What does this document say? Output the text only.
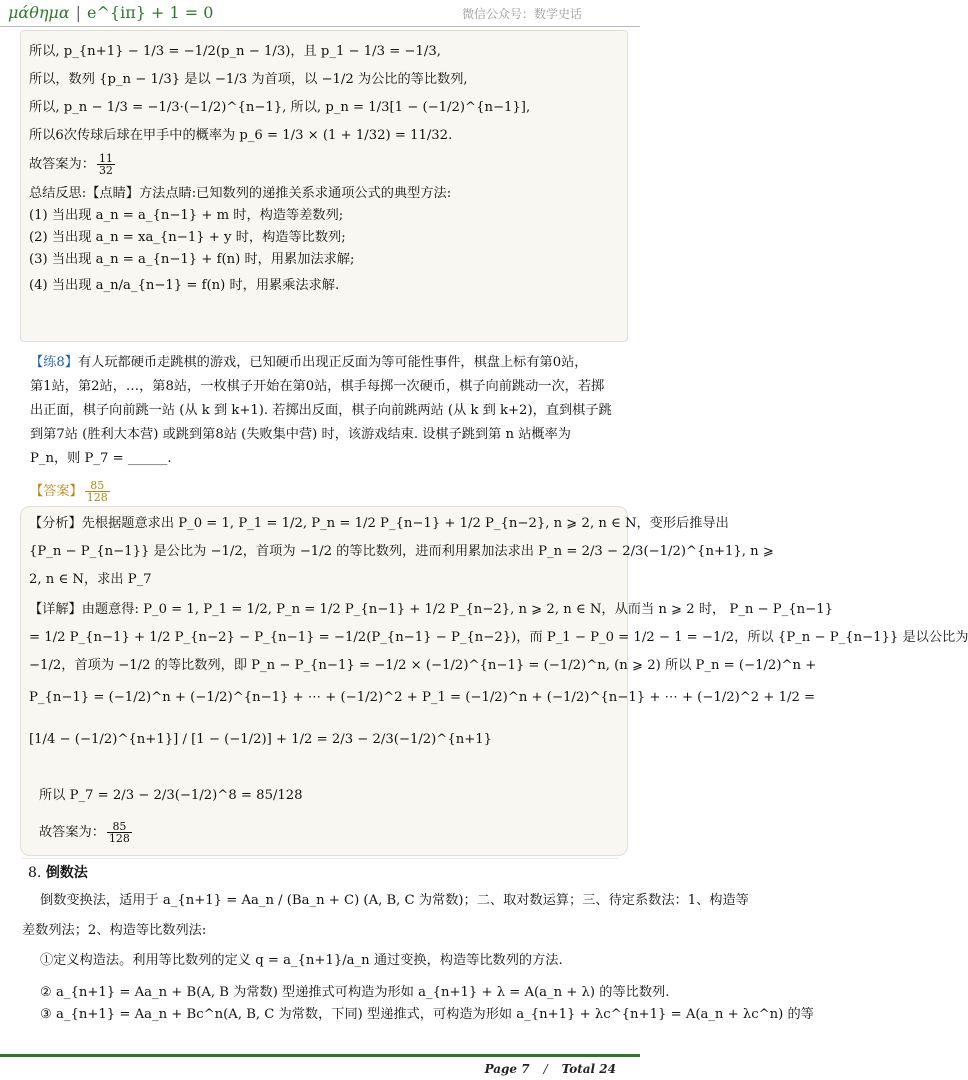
μάθημα | e^{iπ} + 1 = 0	微信公众号：数学史话
所以, p_{n+1} − 1/3 = −1/2(p_n − 1/3)，且 p_1 − 1/3 = −1/3,
所以，数列 {p_n − 1/3} 是以 −1/3 为首项，以 −1/2 为公比的等比数列,
所以, p_n − 1/3 = −1/3·(−1/2)^{n−1}, 所以, p_n = 1/3[1 − (−1/2)^{n−1}],
所以6次传球后球在甲手中的概率为 p_6 = 1/3 × (1 + 1/32) = 11/32.
故答案为： $\frac{11}{32}$
总结反思:【点睛】方法点睛:已知数列的递推关系求通项公式的典型方法:
(1) 当出现 a_n = a_{n−1} + m 时，构造等差数列;
(2) 当出现 a_n = xa_{n−1} + y 时，构造等比数列;
(3) 当出现 a_n = a_{n−1} + f(n) 时，用累加法求解;
(4) 当出现 a_n/a_{n−1} = f(n) 时，用累乘法求解.
【练8】有人玩都硬币走跳棋的游戏，已知硬币出现正反面为等可能性事件，棋盘上标有第0站，
第1站，第2站，…，第8站，一枚棋子开始在第0站，棋手每掷一次硬币，棋子向前跳动一次，若掷
出正面，棋子向前跳一站 (从 k 到 k+1). 若掷出反面，棋子向前跳两站 (从 k 到 k+2)，直到棋子跳
到第7站 (胜利大本营) 或跳到第8站 (失败集中营) 时，该游戏结束. 设棋子跳到第 n 站概率为
P_n，则 P_7 = ______.
【答案】 $\frac{85}{128}$
【分析】先根据题意求出 P_0 = 1, P_1 = 1/2, P_n = 1/2 P_{n−1} + 1/2 P_{n−2}, n ⩾ 2, n ∈ N，变形后推导出
{P_n − P_{n−1}} 是公比为 −1/2，首项为 −1/2 的等比数列，进而利用累加法求出 P_n = 2/3 − 2/3(−1/2)^{n+1}, n ⩾
2, n ∈ N，求出 P_7
【详解】由题意得: P_0 = 1, P_1 = 1/2, P_n = 1/2 P_{n−1} + 1/2 P_{n−2}, n ⩾ 2, n ∈ N，从而当 n ⩾ 2 时， P_n − P_{n−1}
= 1/2 P_{n−1} + 1/2 P_{n−2} − P_{n−1} = −1/2(P_{n−1} − P_{n−2})，而 P_1 − P_0 = 1/2 − 1 = −1/2，所以 {P_n − P_{n−1}} 是以公比为
−1/2，首项为 −1/2 的等比数列，即 P_n − P_{n−1} = −1/2 × (−1/2)^{n−1} = (−1/2)^n, (n ⩾ 2) 所以 P_n = (−1/2)^n +
P_{n−1} = (−1/2)^n + (−1/2)^{n−1} + ⋯ + (−1/2)^2 + P_1 = (−1/2)^n + (−1/2)^{n−1} + ⋯ + (−1/2)^2 + 1/2 =
[1/4 − (−1/2)^{n+1}] / [1 − (−1/2)] + 1/2 = 2/3 − 2/3(−1/2)^{n+1}
所以 P_7 = 2/3 − 2/3(−1/2)^8 = 85/128
故答案为： $\frac{85}{128}$
8. 倒数法
倒数变换法，适用于 a_{n+1} = Aa_n / (Ba_n + C) (A, B, C 为常数)；二、取对数运算；三、待定系数法：1、构造等
差数列法；2、构造等比数列法:
①定义构造法。利用等比数列的定义 q = a_{n+1}/a_n 通过变换，构造等比数列的方法.
② a_{n+1} = Aa_n + B(A, B 为常数) 型递推式可构造为形如 a_{n+1} + λ = A(a_n + λ) 的等比数列.
③ a_{n+1} = Aa_n + Bc^n(A, B, C 为常数，下同) 型递推式，可构造为形如 a_{n+1} + λc^{n+1} = A(a_n + λc^n) 的等
Page 7 / Total 24
